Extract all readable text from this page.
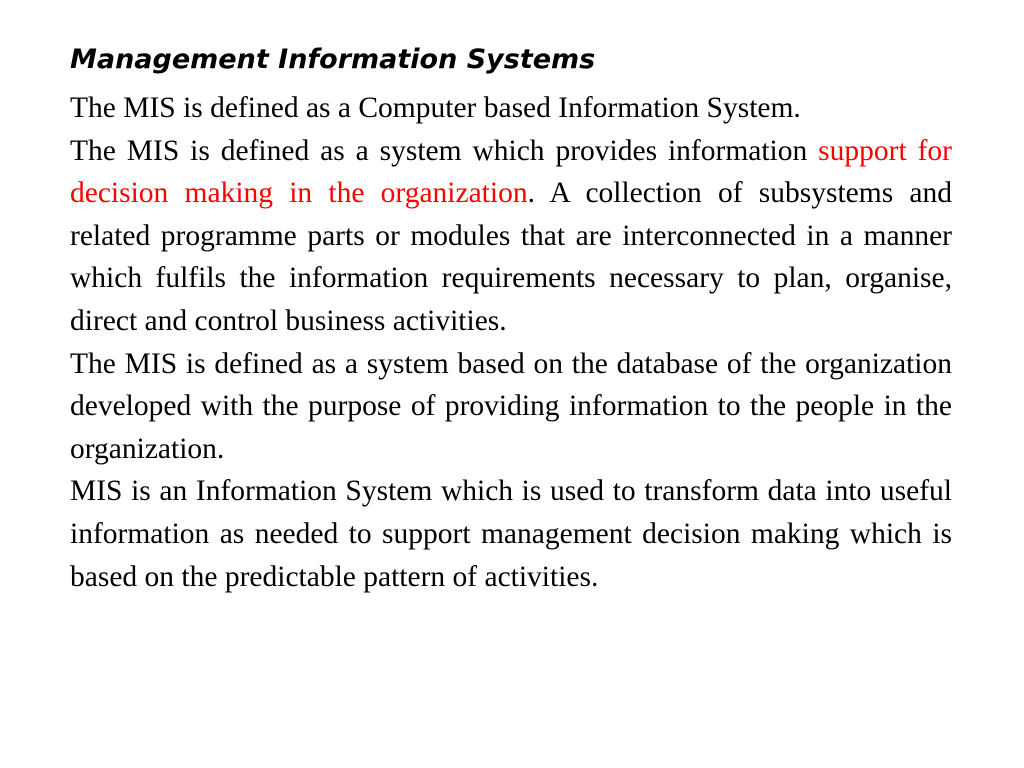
Management Information Systems

The MIS is defined as a Computer based Information System.

The MIS is defined as a system which provides information support for decision making in the organization. A collection of subsystems and related programme parts or modules that are interconnected in a manner which fulfils the information requirements necessary to plan, organise, direct and control business activities.

The MIS is defined as a system based on the database of the organization developed with the purpose of providing information to the people in the organization.

MIS is an Information System which is used to transform data into useful information as needed to support management decision making which is based on the predictable pattern of activities.
